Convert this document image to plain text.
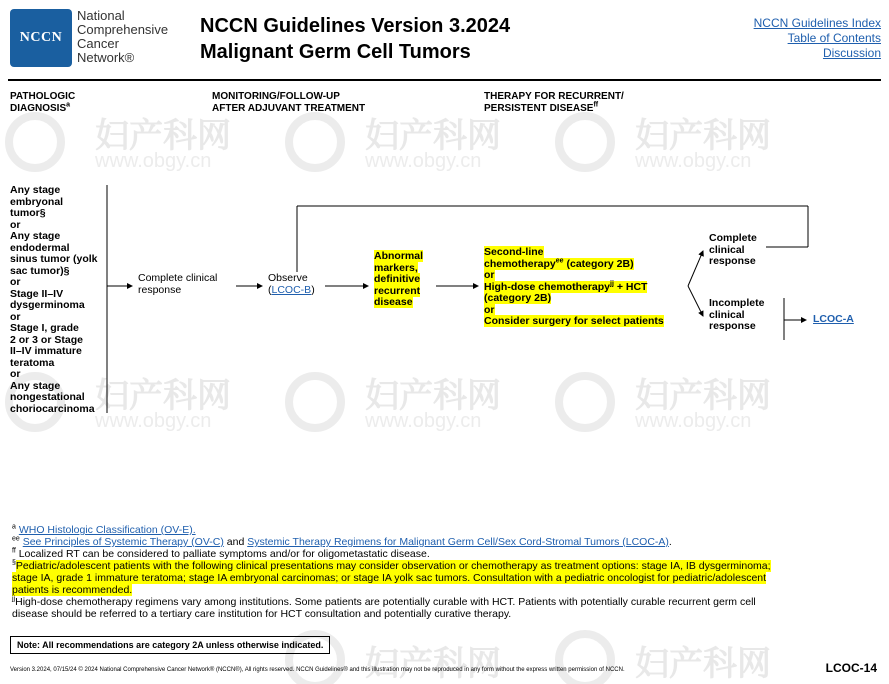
妇产科网
www.obgy.cn
妇产科网
www.obgy.cn
妇产科网
www.obgy.cn
妇产科网
www.obgy.cn
妇产科网
www.obgy.cn
妇产科网
www.obgy.cn
妇产科网	妇产科网
NCCN
National
Comprehensive
Cancer
Network®
NCCN Guidelines Version 3.2024
Malignant Germ Cell Tumors
NCCN Guidelines Index
Table of Contents
Discussion
PATHOLOGIC
DIAGNOSIS$^a$
MONITORING/FOLLOW-UP
AFTER ADJUVANT TREATMENT
THERAPY FOR RECURRENT/
PERSISTENT $DISEASE^{ff}$
Any stage
embryonal
tumor§
or
Any stage
endodermal
sinus tumor (yolk
sac tumor)§
or
Stage II–IV
dysgerminoma
or
Stage I, grade
2 or 3 or Stage
II–IV immature
teratoma
or
Any stage
nongestational
choriocarcinoma
Complete clinical
response
Observe
(LCOC-B)
Abnormal
markers,
definitive
recurrent
disease
Second-line
chemotherapy$^{ee}$ (category 2B)
or
High-dose chemotherapy$^{jj}$ + HCT
(category 2B)
or
Consider surgery for select patients
Complete
clinical
response
Incomplete
clinical
response
LCOC-A
$^a$ WHO Histologic Classification (OV-E).
$^{ee}$ See Principles of Systemic Therapy (OV-C) and Systemic Therapy Regimens for Malignant Germ Cell/Sex Cord-Stromal Tumors (LCOC-A).
$^{ff}$ Localized RT can be considered to palliate symptoms and/or for oligometastatic disease.
§Pediatric/adolescent patients with the following clinical presentations may consider observation or chemotherapy as treatment options: stage IA, IB dysgerminoma;
stage IA, grade 1 immature teratoma; stage IA embryonal carcinomas; or stage IA yolk sac tumors. Consultation with a pediatric oncologist for pediatric/adolescent
patients is recommended.
$^{jj}$High-dose chemotherapy regimens vary among institutions. Some patients are potentially curable with HCT. Patients with potentially curable recurrent germ cell
disease should be referred to a tertiary care institution for HCT consultation and potentially curative therapy.
Note: All recommendations are category 2A unless otherwise indicated.
Version 3.2024, 07/15/24 © 2024 National Comprehensive Cancer Network® (NCCN®), All rights reserved. NCCN Guidelines® and this illustration may not be reproduced in any form without the express written permission of NCCN.	LCOC-14
